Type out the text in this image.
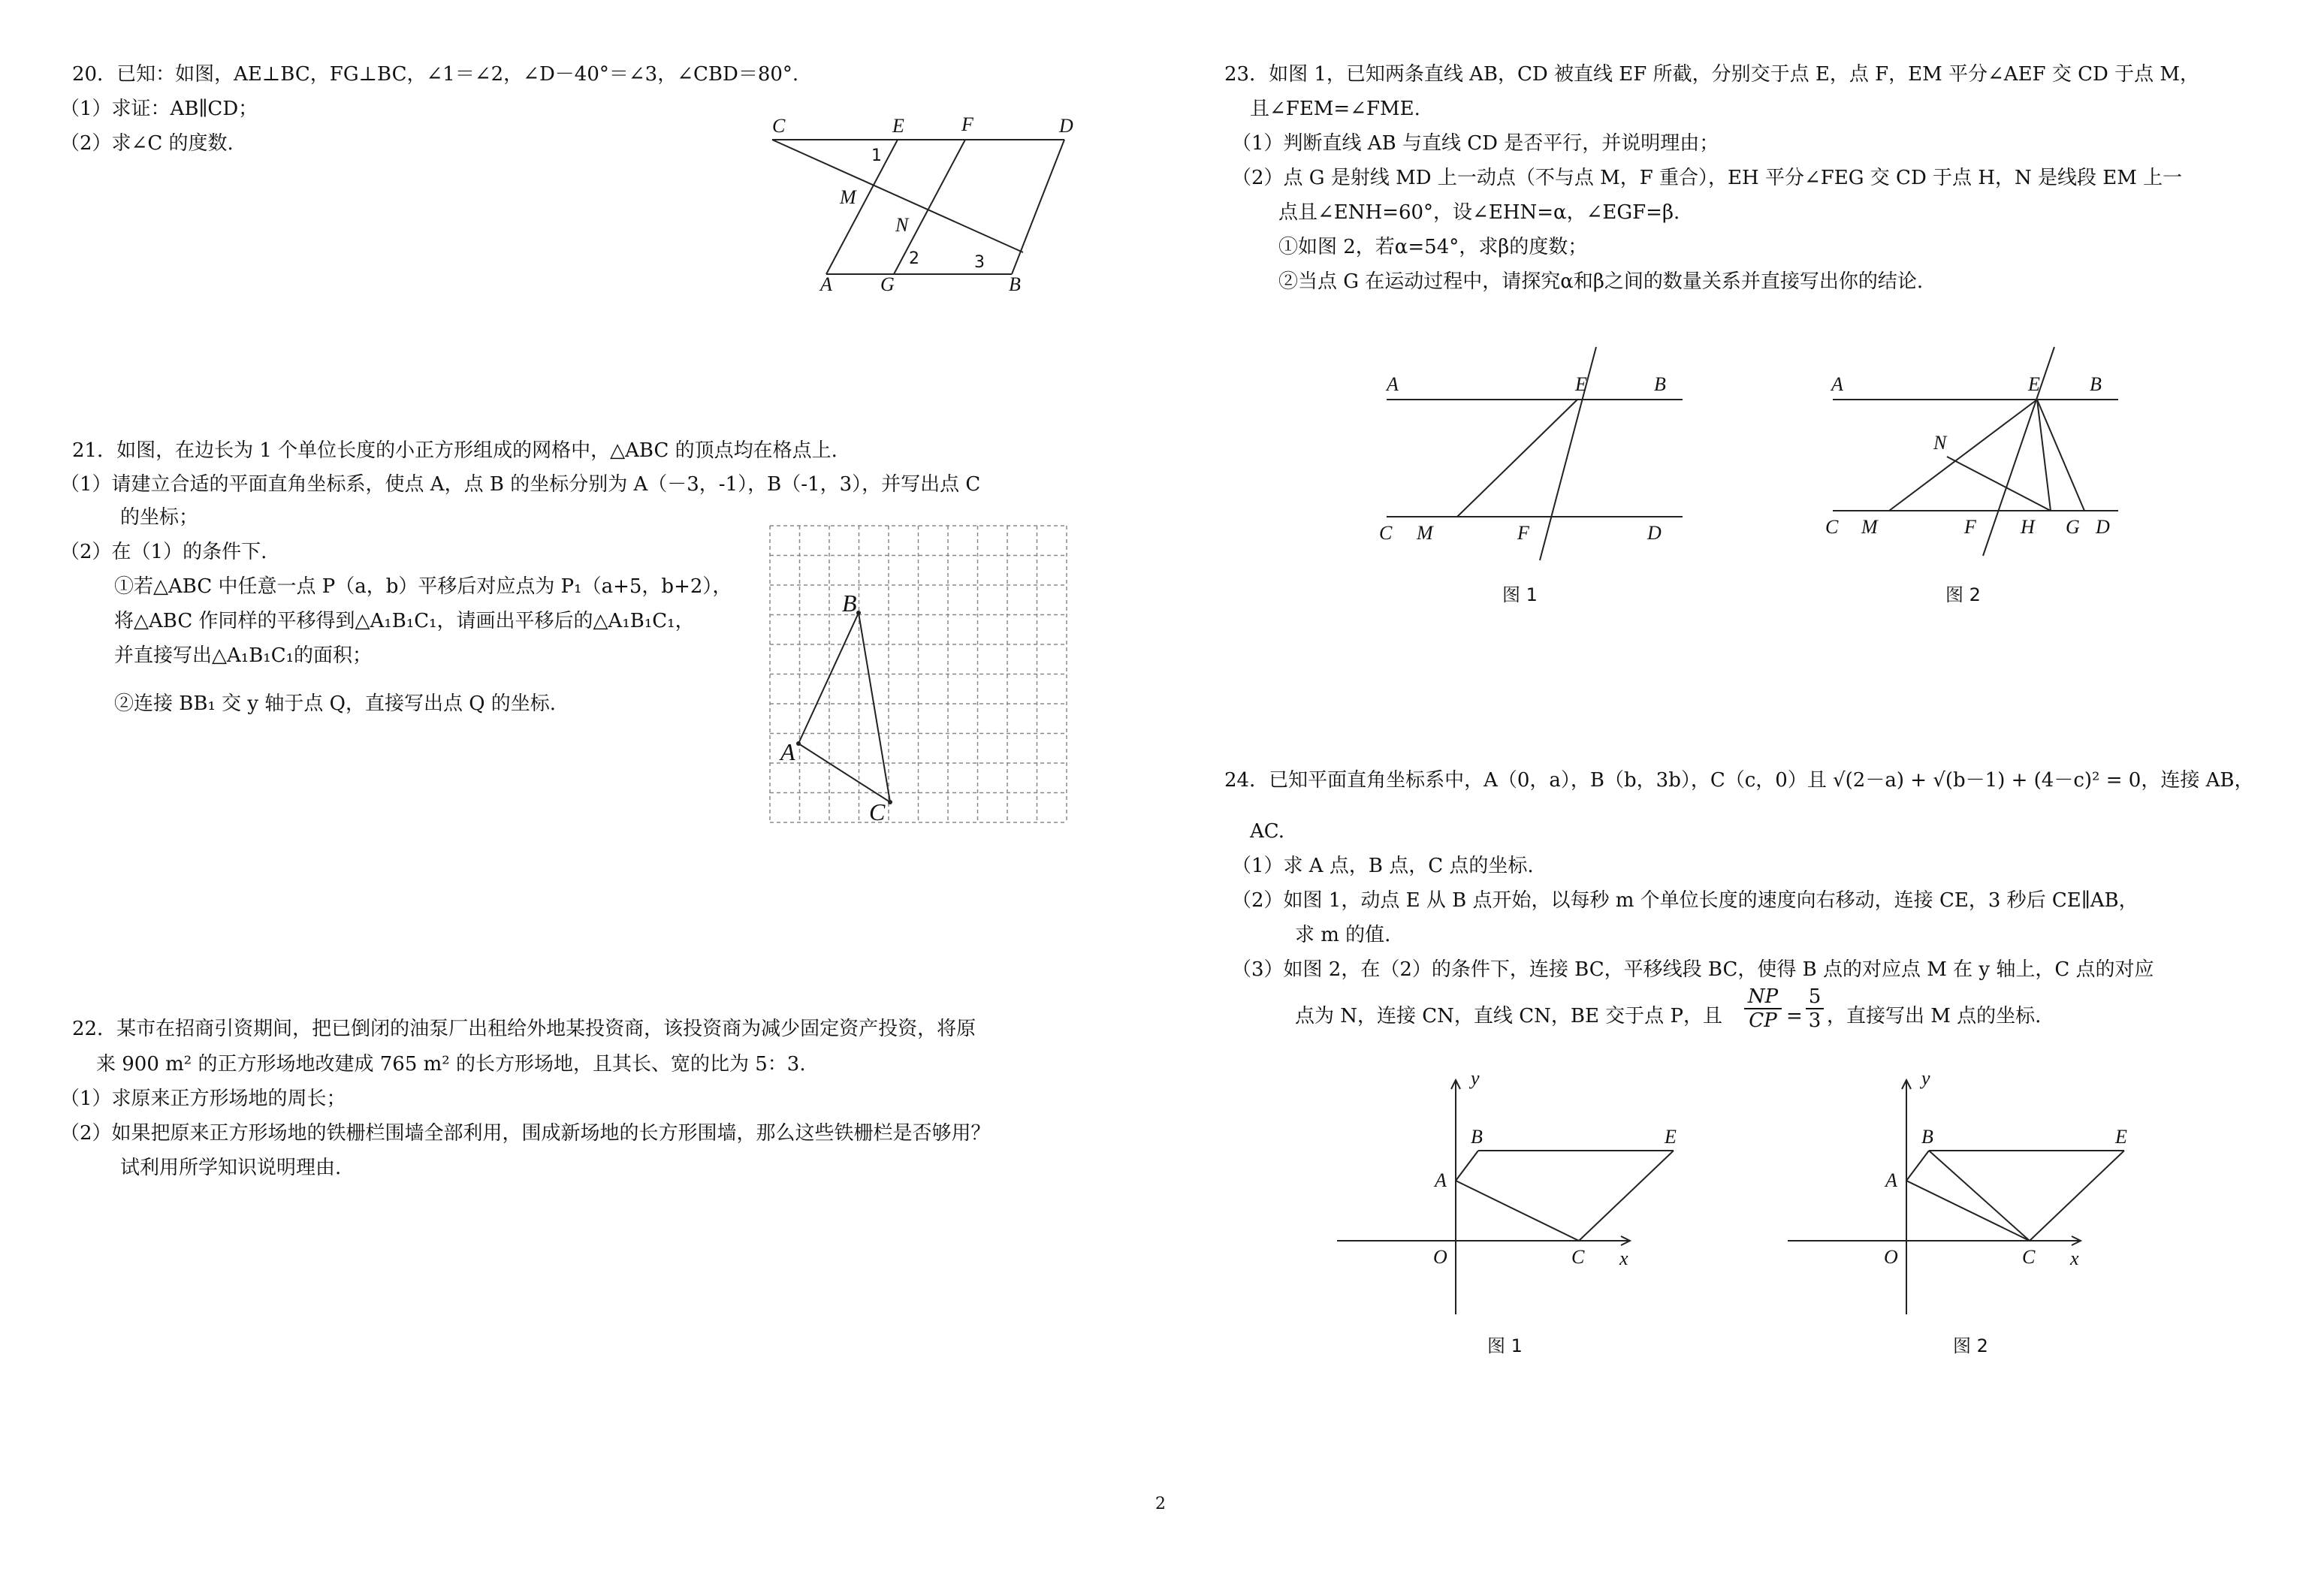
20．已知：如图，AE⊥BC，FG⊥BC，∠1＝∠2，∠D－40°＝∠3，∠CBD＝80°.
（1）求证：AB∥CD；
（2）求∠C 的度数.
C	E	F	D
M
N
A G	B
1
2	3
21．如图，在边长为 1 个单位长度的小正方形组成的网格中，△ABC 的顶点均在格点上.
（1）请建立合适的平面直角坐标系，使点 A，点 B 的坐标分别为 A（－3，-1），B（-1，3），并写出点 C
的坐标；
（2）在（1）的条件下.
①若△ABC 中任意一点 P（a，b）平移后对应点为 P₁（a+5，b+2），
将△ABC 作同样的平移得到△A₁B₁C₁，请画出平移后的△A₁B₁C₁，
并直接写出△A₁B₁C₁的面积；
②连接 BB₁ 交 y 轴于点 Q，直接写出点 Q 的坐标.
B
A
C
22．某市在招商引资期间，把已倒闭的油泵厂出租给外地某投资商，该投资商为减少固定资产投资，将原
来 900 m² 的正方形场地改建成 765 m² 的长方形场地，且其长、宽的比为 5：3.
（1）求原来正方形场地的周长；
（2）如果把原来正方形场地的铁栅栏围墙全部利用，围成新场地的长方形围墙，那么这些铁栅栏是否够用？
试利用所学知识说明理由.
23．如图 1，已知两条直线 AB，CD 被直线 EF 所截，分别交于点 E，点 F，EM 平分∠AEF 交 CD 于点 M，
且∠FEM=∠FME.
（1）判断直线 AB 与直线 CD 是否平行，并说明理由；
（2）点 G 是射线 MD 上一动点（不与点 M，F 重合），EH 平分∠FEG 交 CD 于点 H，N 是线段 EM 上一
点且∠ENH=60°，设∠EHN=α，∠EGF=β.
①如图 2，若α=54°，求β的度数；
②当点 G 在运动过程中，请探究α和β之间的数量关系并直接写出你的结论.
A	E	B
C M	F	D
图 1
A	E	B
N
C M	F H G D
图 2
24．已知平面直角坐标系中，A（0，a），B（b，3b），C（c，0）且 √(2－a) + √(b－1) + (4－c)² = 0，连接 AB，
AC.
（1）求 A 点，B 点，C 点的坐标.
（2）如图 1，动点 E 从 B 点开始，以每秒 m 个单位长度的速度向右移动，连接 CE，3 秒后 CE∥AB，
求 m 的值.
（3）如图 2，在（2）的条件下，连接 BC，平移线段 BC，使得 B 点的对应点 M 在 y 轴上，C 点的对应
点为 N，连接 CN，直线 CN，BE 交于点 P，且 $\frac{NP}{CP} = \frac{5}{3}$ ，直接写出 M 点的坐标.
y
B	E
A
O	C x
图 1
y
B	E
A
O	C x
图 2
2
